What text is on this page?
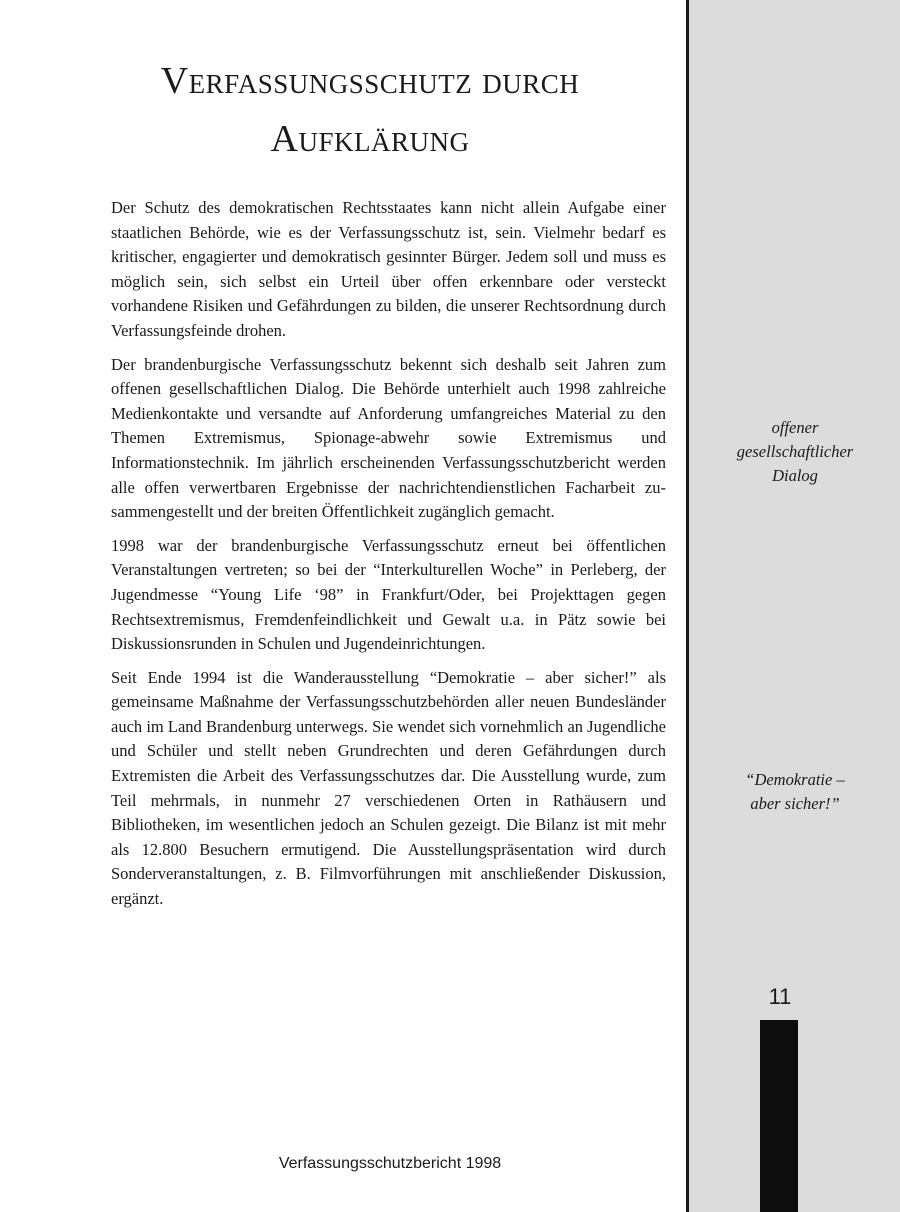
Verfassungsschutz durch
Aufklärung

Der Schutz des demokratischen Rechtsstaates kann nicht allein Aufgabe einer staatlichen Behörde, wie es der Verfassungsschutz ist, sein. Vielmehr bedarf es kritischer, engagierter und demokratisch gesinnter Bürger. Jedem soll und muss es möglich sein, sich selbst ein Urteil über offen erkennbare oder versteckt vorhandene Risiken und Gefährdungen zu bilden, die unserer Rechtsordnung durch Verfassungsfeinde drohen.

Der brandenburgische Verfassungsschutz bekennt sich deshalb seit Jahren zum offenen gesellschaftlichen Dialog. Die Behörde unterhielt auch 1998 zahlreiche Medienkontakte und versandte auf Anforderung umfangreiches Material zu den Themen Extremismus, Spionage-abwehr sowie Extremismus und Informationstechnik. Im jährlich erscheinenden Verfassungsschutzbericht werden alle offen verwertbaren Ergebnisse der nachrichtendienstlichen Facharbeit zusammengestellt und der breiten Öffentlichkeit zugänglich gemacht.

1998 war der brandenburgische Verfassungsschutz erneut bei öffentlichen Veranstaltungen vertreten; so bei der “Interkulturellen Woche” in Perleberg, der Jugendmesse “Young Life ‘98” in Frankfurt/Oder, bei Projekttagen gegen Rechtsextremismus, Fremdenfeindlichkeit und Gewalt u.a. in Pätz sowie bei Diskussionsrunden in Schulen und Jugendeinrichtungen.

Seit Ende 1994 ist die Wanderausstellung “Demokratie – aber sicher!” als gemeinsame Maßnahme der Verfassungsschutzbehörden aller neuen Bundesländer auch im Land Brandenburg unterwegs. Sie wendet sich vornehmlich an Jugendliche und Schüler und stellt neben Grundrechten und deren Gefährdungen durch Extremisten die Arbeit des Verfassungsschutzes dar. Die Ausstellung wurde, zum Teil mehrmals, in nunmehr 27 verschiedenen Orten in Rathäusern und Bibliotheken, im wesentlichen jedoch an Schulen gezeigt. Die Bilanz ist mit mehr als 12.800 Besuchern ermutigend. Die Ausstellungspräsentation wird durch Sonderveranstaltungen, z. B. Filmvorführungen mit anschließender Diskussion, ergänzt.

offener
gesellschaftlicher
Dialog
“Demokratie –
aber sicher!”
11
Verfassungsschutzbericht 1998
